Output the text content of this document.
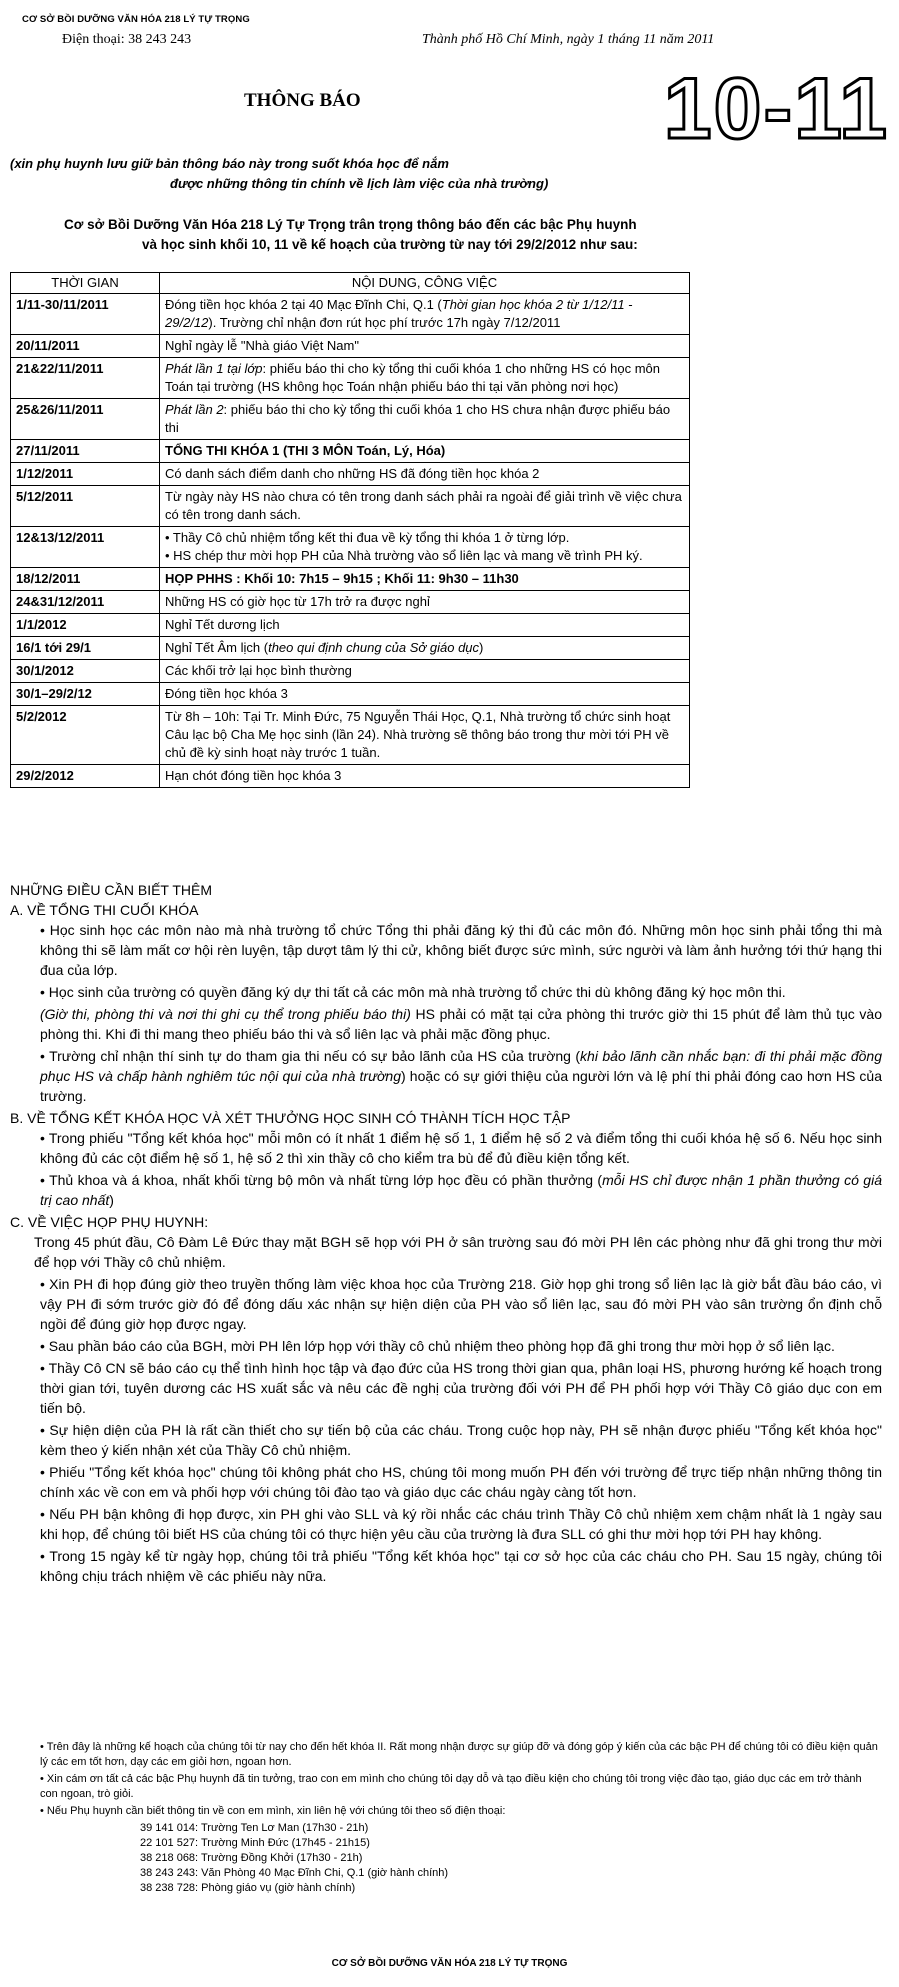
CƠ SỞ BỒI DƯỠNG VĂN HÓA 218 LÝ TỰ TRỌNG
Điện thoại: 38 243 243	Thành phố Hồ Chí Minh, ngày 1 tháng 11 năm 2011
THÔNG BÁO	10-11
(xin phụ huynh lưu giữ bản thông báo này trong suốt khóa học để nắm
được những thông tin chính về lịch làm việc của nhà trường)
Cơ sở Bồi Dưỡng Văn Hóa 218 Lý Tự Trọng trân trọng thông báo đến các bậc Phụ huynh
và học sinh khối 10, 11 về kế hoạch của trường từ nay tới 29/2/2012 như sau:
THỜI GIAN	NỘI DUNG, CÔNG VIỆC
1/11-30/11/2011	Đóng tiền học khóa 2 tại 40 Mạc Đĩnh Chi, Q.1 (Thời gian học khóa 2 từ 1/12/11 - 29/2/12). Trường chỉ nhận đơn rút học phí trước 17h ngày 7/12/2011
20/11/2011	Nghỉ ngày lễ "Nhà giáo Việt Nam"
21&22/11/2011	Phát lần 1 tại lớp: phiếu báo thi cho kỳ tổng thi cuối khóa 1 cho những HS có học môn Toán tại trường (HS không học Toán nhận phiếu báo thi tại văn phòng nơi học)
25&26/11/2011	Phát lần 2: phiếu báo thi cho kỳ tổng thi cuối khóa 1 cho HS chưa nhận được phiếu báo thi
27/11/2011	TỔNG THI KHÓA 1 (THI 3 MÔN Toán, Lý, Hóa)
1/12/2011	Có danh sách điểm danh cho những HS đã đóng tiền học khóa 2
5/12/2011	Từ ngày này HS nào chưa có tên trong danh sách phải ra ngoài để giải trình về việc chưa có tên trong danh sách.
12&13/12/2011	• Thầy Cô chủ nhiệm tổng kết thi đua về kỳ tổng thi khóa 1 ở từng lớp.
• HS chép thư mời họp PH của Nhà trường vào sổ liên lạc và mang về trình PH ký.

18/12/2011	HỌP PHHS : Khối 10: 7h15 – 9h15 ; Khối 11: 9h30 – 11h30
24&31/12/2011	Những HS có giờ học từ 17h trở ra được nghỉ
1/1/2012	Nghỉ Tết dương lịch
16/1 tới 29/1	Nghỉ Tết Âm lịch (theo qui định chung của Sở giáo dục)
30/1/2012	Các khối trở lại học bình thường
30/1–29/2/12	Đóng tiền học khóa 3
5/2/2012	Từ 8h – 10h: Tại Tr. Minh Đức, 75 Nguyễn Thái Học, Q.1, Nhà trường tổ chức sinh hoạt Câu lạc bộ Cha Mẹ học sinh (lần 24). Nhà trường sẽ thông báo trong thư mời tới PH về chủ đề kỳ sinh hoạt này trước 1 tuần.
29/2/2012	Hạn chót đóng tiền học khóa 3

NHỮNG ĐIỀU CẦN BIẾT THÊM

A. VỀ TỔNG THI CUỐI KHÓA

• Học sinh học các môn nào mà nhà trường tổ chức Tổng thi phải đăng ký thi đủ các môn đó. Những môn học sinh phải tổng thi mà không thi sẽ làm mất cơ hội rèn luyện, tập dượt tâm lý thi cử, không biết được sức mình, sức người và làm ảnh hưởng tới thứ hạng thi đua của lớp.

• Học sinh của trường có quyền đăng ký dự thi tất cả các môn mà nhà trường tổ chức thi dù không đăng ký học môn thi.

(Giờ thi, phòng thi và nơi thi ghi cụ thể trong phiếu báo thi) HS phải có mặt tại cửa phòng thi trước giờ thi 15 phút để làm thủ tục vào phòng thi. Khi đi thi mang theo phiếu báo thi và sổ liên lạc và phải mặc đồng phục.

• Trường chỉ nhận thí sinh tự do tham gia thi nếu có sự bảo lãnh của HS của trường (khi bảo lãnh cần nhắc bạn: đi thi phải mặc đồng phục HS và chấp hành nghiêm túc nội qui của nhà trường) hoặc có sự giới thiệu của người lớn và lệ phí thi phải đóng cao hơn HS của trường.

B. VỀ TỔNG KẾT KHÓA HỌC VÀ XÉT THƯỞNG HỌC SINH CÓ THÀNH TÍCH HỌC TẬP

• Trong phiếu "Tổng kết khóa học" mỗi môn có ít nhất 1 điểm hệ số 1, 1 điểm hệ số 2 và điểm tổng thi cuối khóa hệ số 6. Nếu học sinh không đủ các cột điểm hệ số 1, hệ số 2 thì xin thầy cô cho kiểm tra bù để đủ điều kiện tổng kết.

• Thủ khoa và á khoa, nhất khối từng bộ môn và nhất từng lớp học đều có phần thưởng (mỗi HS chỉ được nhận 1 phần thưởng có giá trị cao nhất)

C. VỀ VIỆC HỌP PHỤ HUYNH:

Trong 45 phút đầu, Cô Đàm Lê Đức thay mặt BGH sẽ họp với PH ở sân trường sau đó mời PH lên các phòng như đã ghi trong thư mời để họp với Thầy cô chủ nhiệm.

• Xin PH đi họp đúng giờ theo truyền thống làm việc khoa học của Trường 218. Giờ họp ghi trong sổ liên lạc là giờ bắt đầu báo cáo, vì vậy PH đi sớm trước giờ đó để đóng dấu xác nhận sự hiện diện của PH vào sổ liên lạc, sau đó mời PH vào sân trường ổn định chỗ ngồi để đúng giờ họp được ngay.

• Sau phần báo cáo của BGH, mời PH lên lớp họp với thầy cô chủ nhiệm theo phòng họp đã ghi trong thư mời họp ở sổ liên lạc.

• Thầy Cô CN sẽ báo cáo cụ thể tình hình học tập và đạo đức của HS trong thời gian qua, phân loại HS, phương hướng kế hoạch trong thời gian tới, tuyên dương các HS xuất sắc và nêu các đề nghị của trường đối với PH để PH phối hợp với Thầy Cô giáo dục con em tiến bộ.

• Sự hiện diện của PH là rất cần thiết cho sự tiến bộ của các cháu. Trong cuộc họp này, PH sẽ nhận được phiếu "Tổng kết khóa học" kèm theo ý kiến nhận xét của Thầy Cô chủ nhiệm.

• Phiếu "Tổng kết khóa học" chúng tôi không phát cho HS, chúng tôi mong muốn PH đến với trường để trực tiếp nhận những thông tin chính xác về con em và phối hợp với chúng tôi đào tạo và giáo dục các cháu ngày càng tốt hơn.

• Nếu PH bận không đi họp được, xin PH ghi vào SLL và ký rồi nhắc các cháu trình Thầy Cô chủ nhiệm xem chậm nhất là 1 ngày sau khi họp, để chúng tôi biết HS của chúng tôi có thực hiện yêu cầu của trường là đưa SLL có ghi thư mời họp tới PH hay không.

• Trong 15 ngày kể từ ngày họp, chúng tôi trả phiếu "Tổng kết khóa học" tại cơ sở học của các cháu cho PH. Sau 15 ngày, chúng tôi không chịu trách nhiệm về các phiếu này nữa.

• Trên đây là những kế hoạch của chúng tôi từ nay cho đến hết khóa II. Rất mong nhận được sự giúp đỡ và đóng góp ý kiến của các bậc PH để chúng tôi có điều kiện quản lý các em tốt hơn, dạy các em giỏi hơn, ngoan hơn.

• Xin cám ơn tất cả các bậc Phụ huynh đã tin tưởng, trao con em mình cho chúng tôi dạy dỗ và tạo điều kiện cho chúng tôi trong việc đào tạo, giáo dục các em trở thành con ngoan, trò giỏi.

• Nếu Phụ huynh cần biết thông tin về con em mình, xin liên hệ với chúng tôi theo số điện thoại:

39 141 014: Trường Ten Lơ Man (17h30 - 21h)
22 101 527: Trường Minh Đức (17h45 - 21h15)
38 218 068: Trường Đồng Khởi (17h30 - 21h)
38 243 243: Văn Phòng 40 Mạc Đĩnh Chi, Q.1 (giờ hành chính)
38 238 728: Phòng giáo vụ (giờ hành chính)
CƠ SỞ BỒI DƯỠNG VĂN HÓA 218 LÝ TỰ TRỌNG
